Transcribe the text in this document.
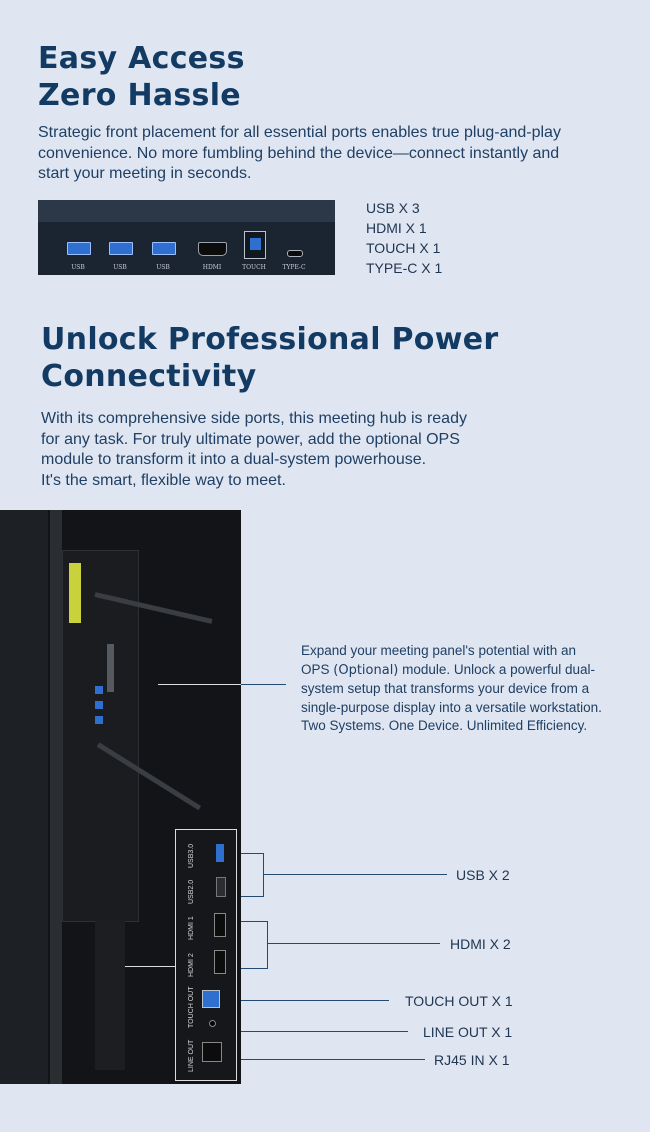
Easy Access
Zero Hassle
Strategic front placement for all essential ports enables true plug-and-play
convenience. No more fumbling behind the device—connect instantly and
start your meeting in seconds.
USB	USB	USB	HDMI	TOUCH	TYPE-C
USB X 3
HDMI X 1
TOUCH X 1
TYPE-C X 1
Unlock Professional Power
Connectivity
With its comprehensive side ports, this meeting hub is ready
for any task. For truly ultimate power, add the optional OPS
module to transform it into a dual-system powerhouse.
It's the smart, flexible way to meet.
USB3.0
USB2.0
HDMI 1
HDMI 2
TOUCH OUT
LINE OUT
Expand your meeting panel's potential with an
OPS (Optional) module. Unlock a powerful dual-
system setup that transforms your device from a
single-purpose display into a versatile workstation.
Two Systems. One Device. Unlimited Efficiency.
USB X 2
HDMI X 2
TOUCH OUT X 1
LINE OUT X 1
RJ45 IN X 1
